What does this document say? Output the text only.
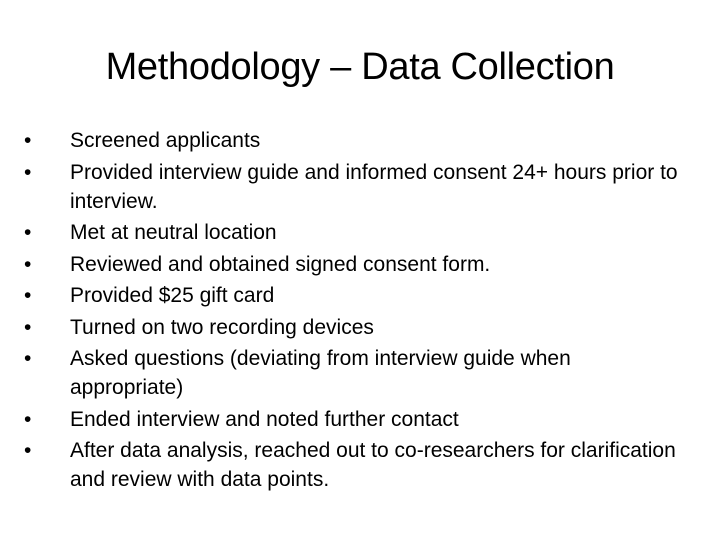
Methodology – Data Collection
•	Screened applicants
•	Provided interview guide and informed consent 24+ hours prior to interview.
•	Met at neutral location
•	Reviewed and obtained signed consent form.
•	Provided $25 gift card
•	Turned on two recording devices
•	Asked questions (deviating from interview guide when appropriate)
•	Ended interview and noted further contact
•	After data analysis, reached out to co-researchers for clarification and review with data points.
